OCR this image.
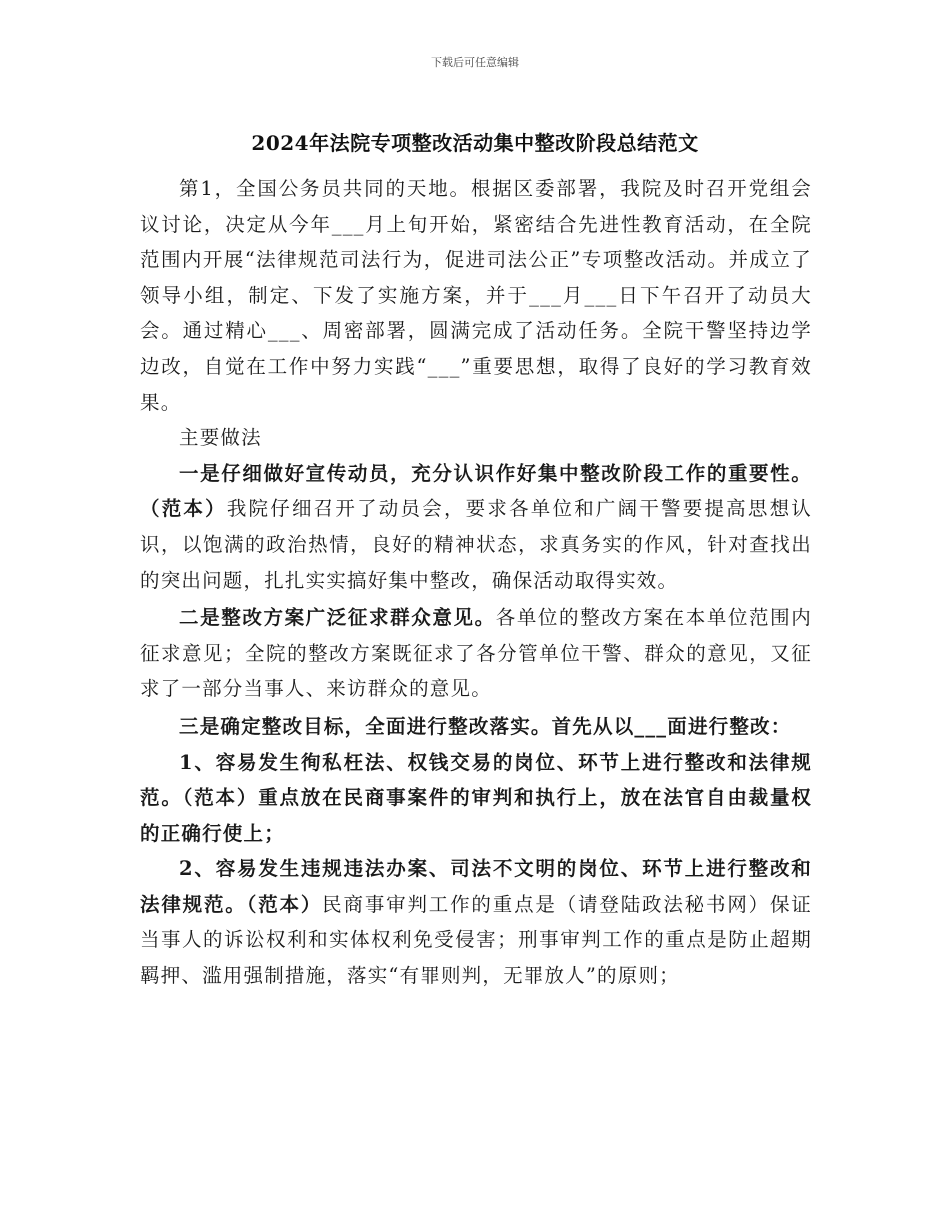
下载后可任意编辑
2024年法院专项整改活动集中整改阶段总结范文

第1，全国公务员共同的天地。根据区委部署，我院及时召开党组会议讨论，决定从今年___月上旬开始，紧密结合先进性教育活动，在全院范围内开展“法律规范司法行为，促进司法公正”专项整改活动。并成立了领导小组，制定、下发了实施方案，并于___月___日下午召开了动员大会。通过精心___、周密部署，圆满完成了活动任务。全院干警坚持边学边改，自觉在工作中努力实践“___”重要思想，取得了良好的学习教育效果。

主要做法

一是仔细做好宣传动员，充分认识作好集中整改阶段工作的重要性。（范本）我院仔细召开了动员会，要求各单位和广阔干警要提高思想认识，以饱满的政治热情，良好的精神状态，求真务实的作风，针对查找出的突出问题，扎扎实实搞好集中整改，确保活动取得实效。

二是整改方案广泛征求群众意见。各单位的整改方案在本单位范围内征求意见；全院的整改方案既征求了各分管单位干警、群众的意见，又征求了一部分当事人、来访群众的意见。

三是确定整改目标，全面进行整改落实。首先从以___面进行整改：

1、容易发生徇私枉法、权钱交易的岗位、环节上进行整改和法律规范。（范本）重点放在民商事案件的审判和执行上，放在法官自由裁量权的正确行使上；

2、容易发生违规违法办案、司法不文明的岗位、环节上进行整改和法律规范。（范本）民商事审判工作的重点是（请登陆政法秘书网）保证当事人的诉讼权利和实体权利免受侵害；刑事审判工作的重点是防止超期羁押、滥用强制措施，落实“有罪则判，无罪放人”的原则；
